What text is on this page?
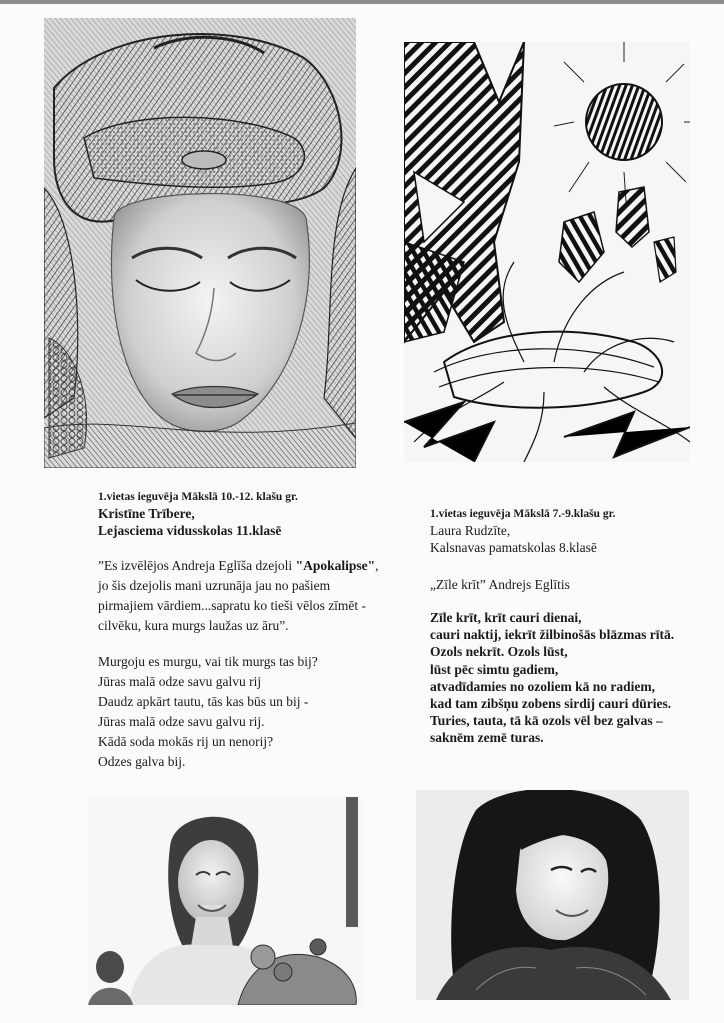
1.vietas ieguvēja Mākslā 10.-12. klašu gr.
Kristīne Trībere,
Lejasciema vidusskolas 11.klasē
”Es izvēlējos Andreja Eglīša dzejoli "Apokalipse", jo šis dzejolis mani uzrunāja jau no pašiem pirmajiem vārdiem...sapratu ko tieši vēlos zīmēt - cilvēku, kura murgs laužas uz āru”.
Murgoju es murgu, vai tik murgs tas bij?
Jūras malā odze savu galvu rij
Daudz apkārt tautu, tās kas būs un bij -
Jūras malā odze savu galvu rij.
Kādā soda mokās rij un nenorij?
Odzes galva bij.
1.vietas ieguvēja Mākslā 7.-9.klašu gr.
Laura Rudzīte,
Kalsnavas pamatskolas 8.klasē
„Zīle krīt” Andrejs Eglītis
Zīle krīt, krīt cauri dienai,
cauri naktij, iekrīt žilbinošās blāzmas rītā.
Ozols nekrīt. Ozols lūst,
lūst pēc simtu gadiem,
atvadīdamies no ozoliem kā no radiem,
kad tam zibšņu zobens sirdij cauri dūries.
Turies, tauta, tā kā ozols vēl bez galvas –
saknēm zemē turas.
